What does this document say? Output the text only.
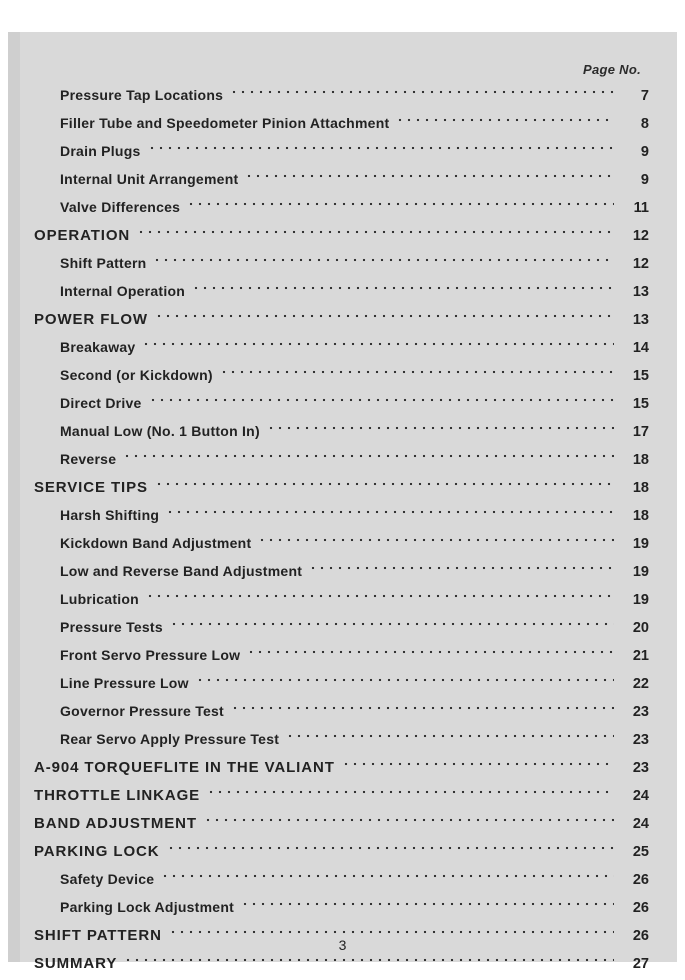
Page No.
Pressure Tap Locations	7
Filler Tube and Speedometer Pinion Attachment	8
Drain Plugs	9
Internal Unit Arrangement	9
Valve Differences	11
OPERATION	12
Shift Pattern	12
Internal Operation	13
POWER FLOW	13
Breakaway	14
Second (or Kickdown)	15
Direct Drive	15
Manual Low (No. 1 Button In)	17
Reverse	18
SERVICE TIPS	18
Harsh Shifting	18
Kickdown Band Adjustment	19
Low and Reverse Band Adjustment	19
Lubrication	19
Pressure Tests	20
Front Servo Pressure Low	21
Line Pressure Low	22
Governor Pressure Test	23
Rear Servo Apply Pressure Test	23
A-904 TORQUEFLITE IN THE VALIANT	23
THROTTLE LINKAGE	24
BAND ADJUSTMENT	24
PARKING LOCK	25
Safety Device	26
Parking Lock Adjustment	26
SHIFT PATTERN	26
SUMMARY	27
3
